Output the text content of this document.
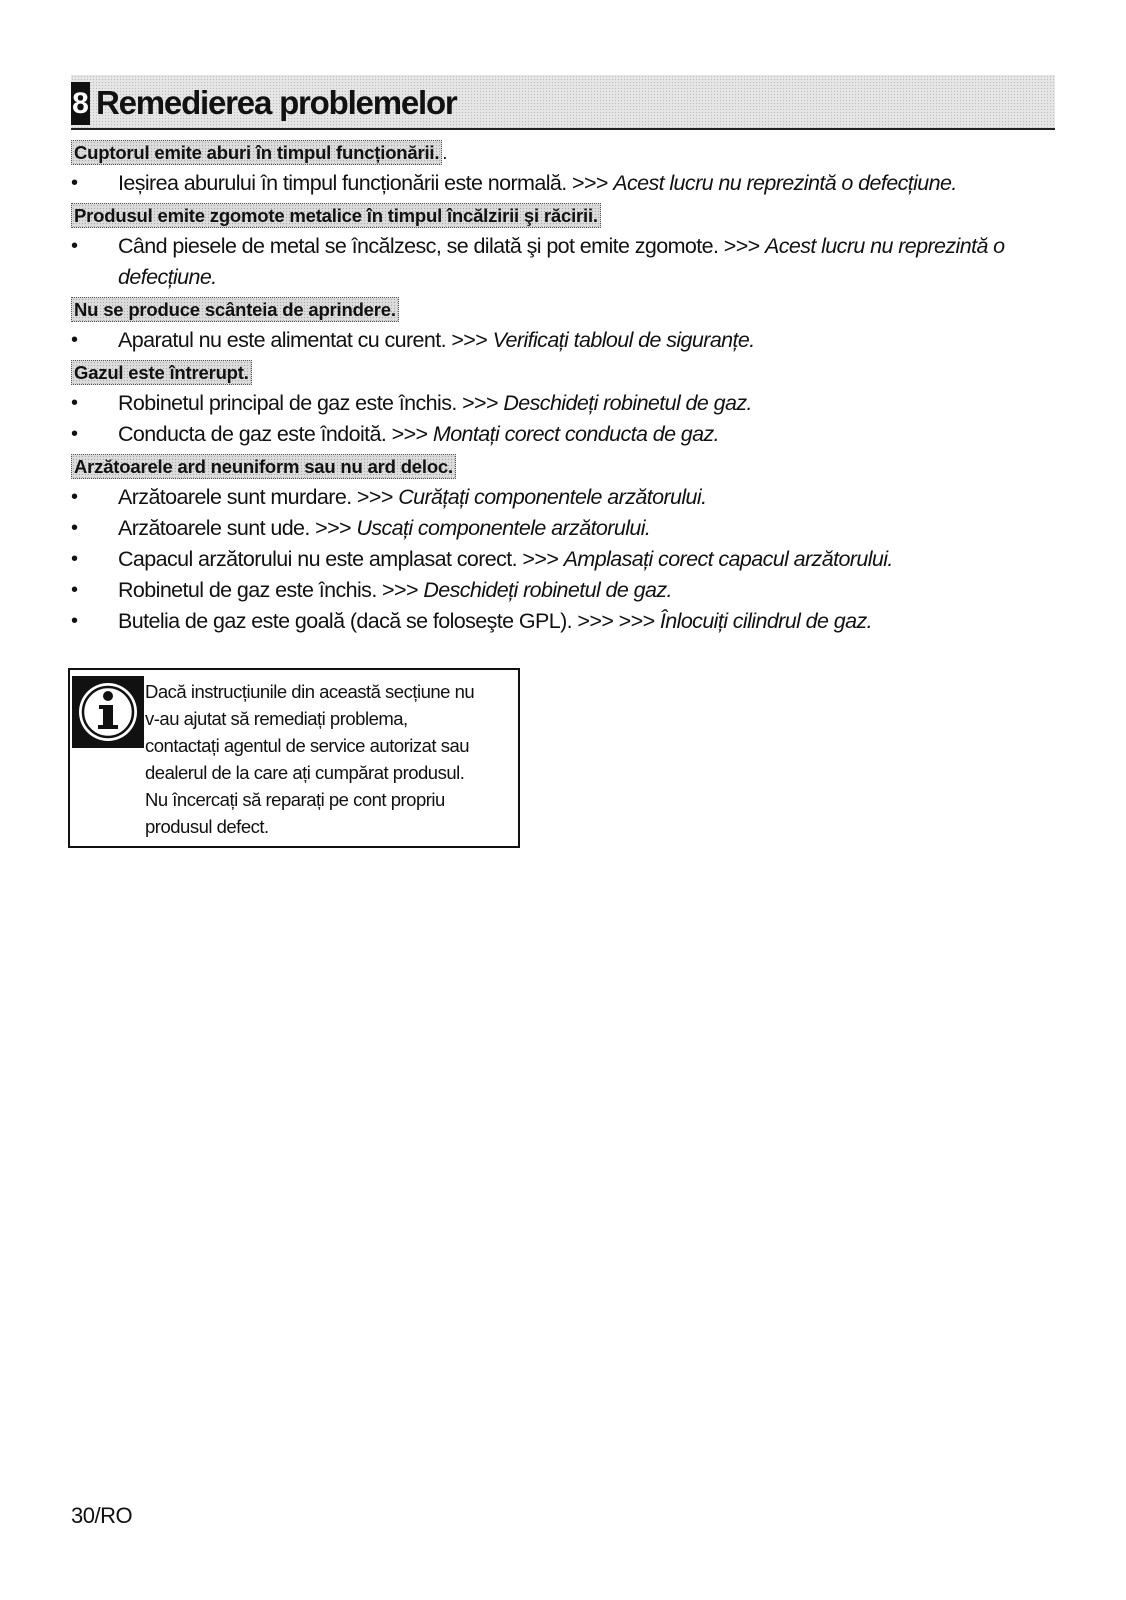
8 Remedierea problemelor
Cuptorul emite aburi în timpul funcționării. .
• Ieșirea aburului în timpul funcționării este normală. >>> Acest lucru nu reprezintă o defecțiune.
Produsul emite zgomote metalice în timpul încălzirii şi răcirii.
• Când piesele de metal se încălzesc, se dilată şi pot emite zgomote. >>> Acest lucru nu reprezintă o defecțiune.
Nu se produce scânteia de aprindere.
• Aparatul nu este alimentat cu curent. >>> Verificați tabloul de siguranțe.
Gazul este întrerupt.
• Robinetul principal de gaz este închis. >>> Deschideți robinetul de gaz.
• Conducta de gaz este îndoită. >>> Montați corect conducta de gaz.
Arzătoarele ard neuniform sau nu ard deloc.
• Arzătoarele sunt murdare. >>> Curățați componentele arzătorului.
• Arzătoarele sunt ude. >>> Uscați componentele arzătorului.
• Capacul arzătorului nu este amplasat corect. >>> Amplasați corect capacul arzătorului.
• Robinetul de gaz este închis. >>> Deschideți robinetul de gaz.
• Butelia de gaz este goală (dacă se foloseşte GPL). >>> >>> Înlocuiți cilindrul de gaz.
Dacă instrucțiunile din această secțiune nu
v-au ajutat să remediați problema,
contactați agentul de service autorizat sau
dealerul de la care ați cumpărat produsul.
Nu încercați să reparați pe cont propriu
produsul defect.
30/RO
